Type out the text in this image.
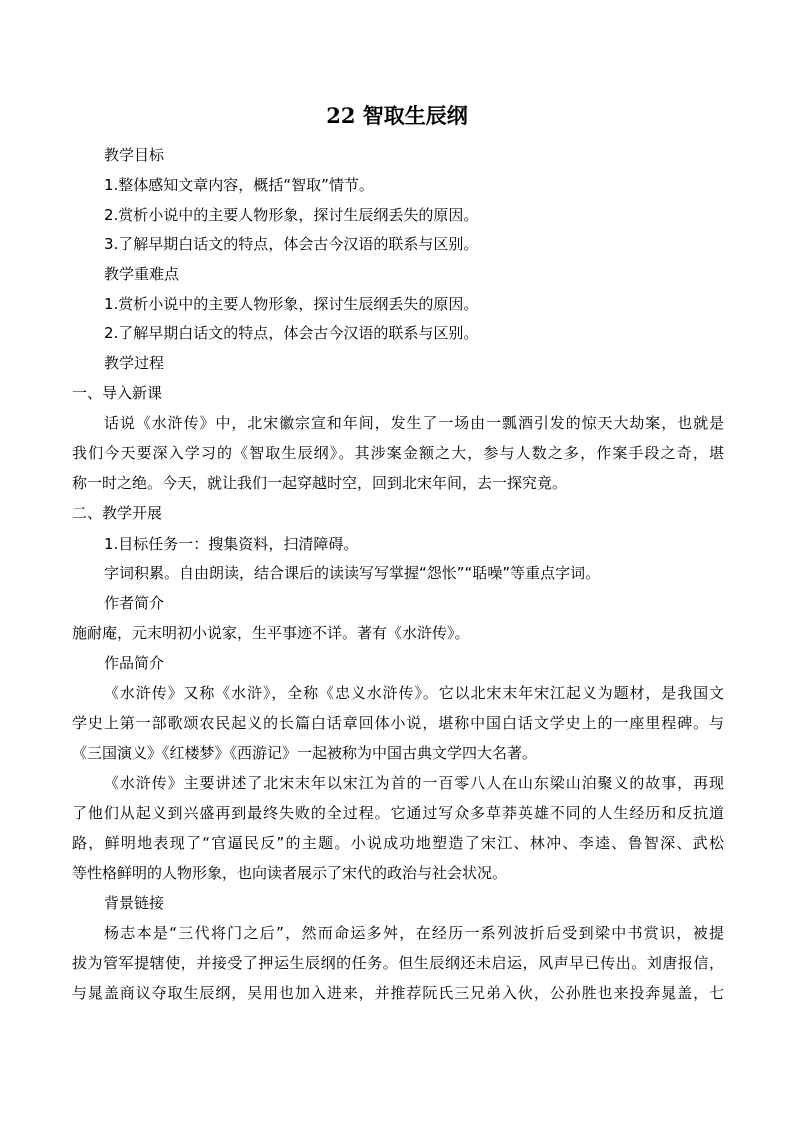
22 智取生辰纲
教学目标
1.整体感知文章内容，概括“智取”情节。
2.赏析小说中的主要人物形象，探讨生辰纲丢失的原因。
3.了解早期白话文的特点，体会古今汉语的联系与区别。
教学重难点
1.赏析小说中的主要人物形象，探讨生辰纲丢失的原因。
2.了解早期白话文的特点，体会古今汉语的联系与区别。
教学过程
一、导入新课
话说《水浒传》中，北宋徽宗宣和年间，发生了一场由一瓢酒引发的惊天大劫案，也就是
我们今天要深入学习的《智取生辰纲》。其涉案金额之大，参与人数之多，作案手段之奇，堪
称一时之绝。今天，就让我们一起穿越时空，回到北宋年间，去一探究竟。
二、教学开展
1.目标任务一：搜集资料，扫清障碍。
字词积累。自由朗读，结合课后的读读写写掌握“怨怅”“聒噪”等重点字词。
作者简介
施耐庵，元末明初小说家，生平事迹不详。著有《水浒传》。
作品简介
《水浒传》又称《水浒》，全称《忠义水浒传》。它以北宋末年宋江起义为题材，是我国文
学史上第一部歌颂农民起义的长篇白话章回体小说，堪称中国白话文学史上的一座里程碑。与
《三国演义》《红楼梦》《西游记》一起被称为中国古典文学四大名著。
《水浒传》主要讲述了北宋末年以宋江为首的一百零八人在山东梁山泊聚义的故事，再现
了他们从起义到兴盛再到最终失败的全过程。它通过写众多草莽英雄不同的人生经历和反抗道
路，鲜明地表现了“官逼民反”的主题。小说成功地塑造了宋江、林冲、李逵、鲁智深、武松
等性格鲜明的人物形象，也向读者展示了宋代的政治与社会状况。
背景链接
杨志本是“三代将门之后”，然而命运多舛，在经历一系列波折后受到梁中书赏识，被提
拔为管军提辖使，并接受了押运生辰纲的任务。但生辰纲还未启运，风声早已传出。刘唐报信，
与晁盖商议夺取生辰纲，吴用也加入进来，并推荐阮氏三兄弟入伙，公孙胜也来投奔晁盖，七
